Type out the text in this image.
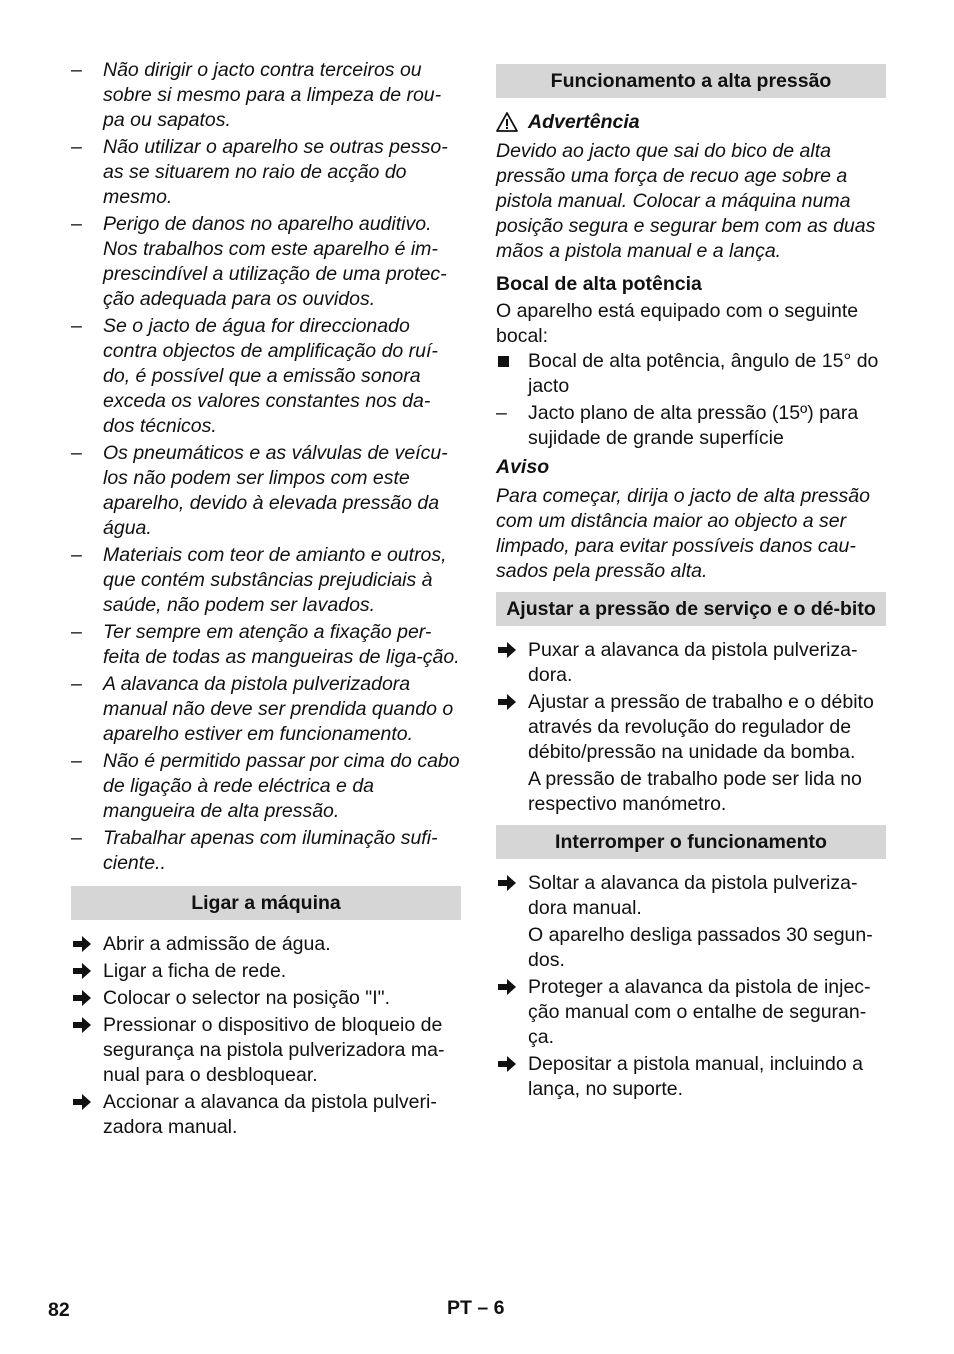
– Não dirigir o jacto contra terceiros ou sobre si mesmo para a limpeza de rou-pa ou sapatos.

– Não utilizar o aparelho se outras pesso-as se situarem no raio de acção do mesmo.

– Perigo de danos no aparelho auditivo. Nos trabalhos com este aparelho é im-prescindível a utilização de uma protec-ção adequada para os ouvidos.

– Se o jacto de água for direccionado contra objectos de amplificação do ruí-do, é possível que a emissão sonora exceda os valores constantes nos da-dos técnicos.

– Os pneumáticos e as válvulas de veícu-los não podem ser limpos com este aparelho, devido à elevada pressão da água.

– Materiais com teor de amianto e outros, que contém substâncias prejudiciais à saúde, não podem ser lavados.

– Ter sempre em atenção a fixação per-feita de todas as mangueiras de liga-ção.

– A alavanca da pistola pulverizadora manual não deve ser prendida quando o aparelho estiver em funcionamento.

– Não é permitido passar por cima do cabo de ligação à rede eléctrica e da mangueira de alta pressão.

– Trabalhar apenas com iluminação sufi-ciente..

Ligar a máquina

Abrir a admissão de água.

Ligar a ficha de rede.

Colocar o selector na posição "I".

Pressionar o dispositivo de bloqueio de segurança na pistola pulverizadora ma-nual para o desbloquear.

Accionar a alavanca da pistola pulveri-zadora manual.

Funcionamento a alta pressão
Advertência

Devido ao jacto que sai do bico de alta pressão uma força de recuo age sobre a pistola manual. Colocar a máquina numa posição segura e segurar bem com as duas mãos a pistola manual e a lança.

Bocal de alta potência

O aparelho está equipado com o seguinte bocal:

Bocal de alta potência, ângulo de 15° do jacto

– Jacto plano de alta pressão (15º) para sujidade de grande superfície

Aviso

Para começar, dirija o jacto de alta pressão com um distância maior ao objecto a ser limpado, para evitar possíveis danos cau-sados pela pressão alta.

Ajustar a pressão de serviço e o dé-bito

Puxar a alavanca da pistola pulveriza-dora.

Ajustar a pressão de trabalho e o débito através da revolução do regulador de débito/pressão na unidade da bomba.

A pressão de trabalho pode ser lida no respectivo manómetro.

Interromper o funcionamento

Soltar a alavanca da pistola pulveriza-dora manual.

O aparelho desliga passados 30 segun-dos.

Proteger a alavanca da pistola de injec-ção manual com o entalhe de seguran-ça.

Depositar a pistola manual, incluindo a lança, no suporte.

82	PT – 6
